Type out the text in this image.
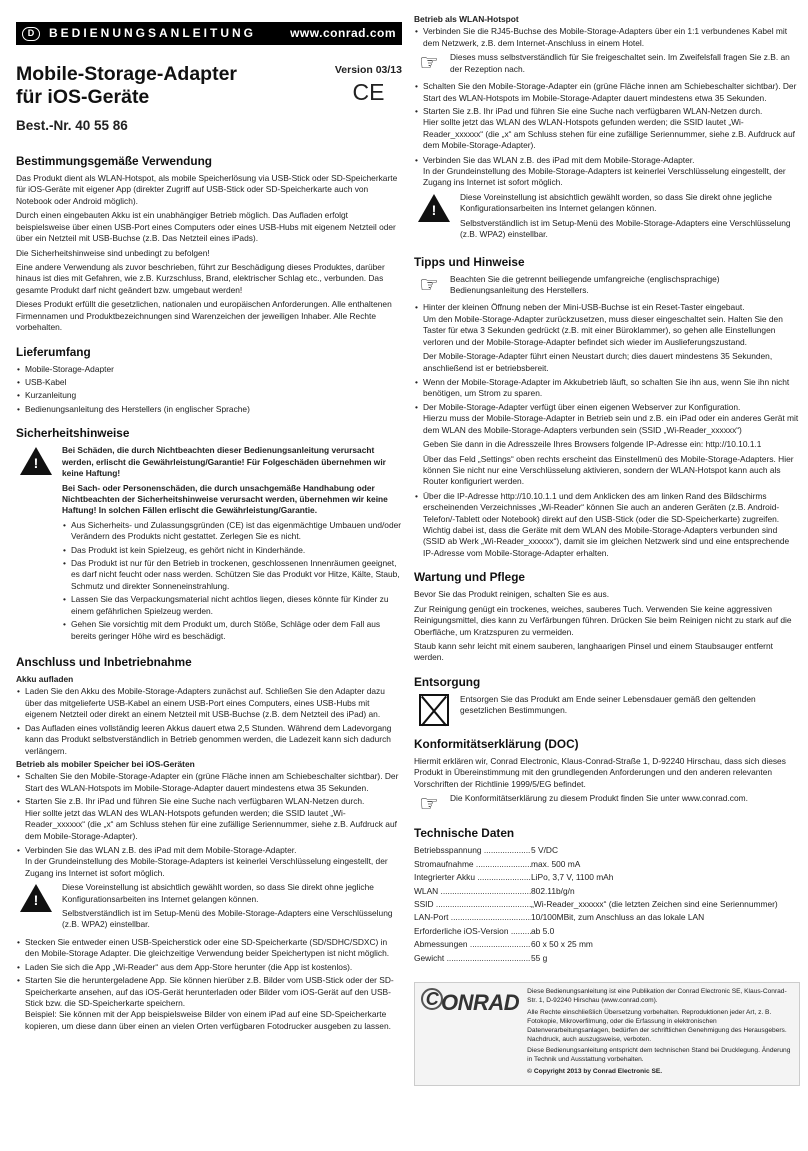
D	BEDIENUNGSANLEITUNG	www.conrad.com
Mobile-Storage-Adapter
für iOS-Geräte
Version 03/13
CE
Best.-Nr. 40 55 86
Bestimmungsgemäße Verwendung

Das Produkt dient als WLAN-Hotspot, als mobile Speicherlösung via USB-Stick oder SD-Speicherkarte für iOS-Geräte mit eigener App (direkter Zugriff auf USB-Stick oder SD-Speicherkarte auch von Notebook oder Android möglich).

Durch einen eingebauten Akku ist ein unabhängiger Betrieb möglich. Das Aufladen erfolgt beispielsweise über einen USB-Port eines Computers oder eines USB-Hubs mit eigenem Netzteil oder über ein Netzteil mit USB-Buchse (z.B. Das Netzteil eines iPads).

Die Sicherheitshinweise sind unbedingt zu befolgen!

Eine andere Verwendung als zuvor beschrieben, führt zur Beschädigung dieses Produktes, darüber hinaus ist dies mit Gefahren, wie z.B. Kurzschluss, Brand, elektrischer Schlag etc., verbunden. Das gesamte Produkt darf nicht geändert bzw. umgebaut werden!

Dieses Produkt erfüllt die gesetzlichen, nationalen und europäischen Anforderungen. Alle enthaltenen Firmennamen und Produktbezeichnungen sind Warenzeichen der jeweiligen Inhaber. Alle Rechte vorbehalten.

Lieferumfang
• Mobile-Storage-Adapter
• USB-Kabel
• Kurzanleitung
• Bedienungsanleitung des Herstellers (in englischer Sprache)
Sicherheitshinweise
!

Bei Schäden, die durch Nichtbeachten dieser Bedienungsanleitung verursacht werden, erlischt die Gewährleistung/Garantie! Für Folgeschäden übernehmen wir keine Haftung!

Bei Sach- oder Personenschäden, die durch unsachgemäße Handhabung oder Nichtbeachten der Sicherheitshinweise verursacht werden, übernehmen wir keine Haftung! In solchen Fällen erlischt die Gewährleistung/Garantie.

• Aus Sicherheits- und Zulassungsgründen (CE) ist das eigenmächtige Umbauen und/oder Verändern des Produkts nicht gestattet. Zerlegen Sie es nicht.
• Das Produkt ist kein Spielzeug, es gehört nicht in Kinderhände.
• Das Produkt ist nur für den Betrieb in trockenen, geschlossenen Innenräumen geeignet, es darf nicht feucht oder nass werden. Schützen Sie das Produkt vor Hitze, Kälte, Staub, Schmutz und direkter Sonneneinstrahlung.
• Lassen Sie das Verpackungsmaterial nicht achtlos liegen, dieses könnte für Kinder zu einem gefährlichen Spielzeug werden.
• Gehen Sie vorsichtig mit dem Produkt um, durch Stöße, Schläge oder dem Fall aus bereits geringer Höhe wird es beschädigt.
Anschluss und Inbetriebnahme
Akku aufladen
• Laden Sie den Akku des Mobile-Storage-Adapters zunächst auf. Schließen Sie den Adapter dazu über das mitgelieferte USB-Kabel an einem USB-Port eines Computers, eines USB-Hubs mit eigenem Netzteil oder direkt an einem Netzteil mit USB-Buchse (z.B. dem Netzteil des iPad) an.
• Das Aufladen eines vollständig leeren Akkus dauert etwa 2,5 Stunden. Während dem Ladevorgang kann das Produkt selbstverständlich in Betrieb genommen werden, die Ladezeit kann sich dadurch verlängern.
Betrieb als mobiler Speicher bei iOS-Geräten
• Schalten Sie den Mobile-Storage-Adapter ein (grüne Fläche innen am Schiebeschalter sichtbar). Der Start des WLAN-Hotspots im Mobile-Storage-Adapter dauert mindestens etwa 35 Sekunden.
• Starten Sie z.B. Ihr iPad und führen Sie eine Suche nach verfügbaren WLAN-Netzen durch.

Hier sollte jetzt das WLAN des WLAN-Hotspots gefunden werden; die SSID lautet „Wi-Reader_xxxxxx“ (die „x“ am Schluss stehen für eine zufällige Seriennummer, siehe z.B. Aufdruck auf dem Mobile-Storage-Adapter).

• Verbinden Sie das WLAN z.B. des iPad mit dem Mobile-Storage-Adapter.

In der Grundeinstellung des Mobile-Storage-Adapters ist keinerlei Verschlüsselung eingestellt, der Zugang ins Internet ist sofort möglich.

!

Diese Voreinstellung ist absichtlich gewählt worden, so dass Sie direkt ohne jegliche Konfigurationsarbeiten ins Internet gelangen können.

Selbstverständlich ist im Setup-Menü des Mobile-Storage-Adapters eine Verschlüsselung (z.B. WPA2) einstellbar.

• Stecken Sie entweder einen USB-Speicherstick oder eine SD-Speicherkarte (SD/SDHC/SDXC) in den Mobile-Storage Adapter. Die gleichzeitige Verwendung beider Speichertypen ist nicht möglich.
• Laden Sie sich die App „Wi-Reader“ aus dem App-Store herunter (die App ist kostenlos).
• Starten Sie die heruntergeladene App. Sie können hierüber z.B. Bilder vom USB-Stick oder der SD-Speicherkarte ansehen, auf das iOS-Gerät herunterladen oder Bilder vom iOS-Gerät auf den USB-Stick bzw. die SD-Speicherkarte speichern.

Beispiel: Sie können mit der App beispielsweise Bilder von einem iPad auf eine SD-Speicherkarte kopieren, um diese dann über einen an vielen Orten verfügbaren Fotodrucker ausgeben zu lassen.

Betrieb als WLAN-Hotspot
• Verbinden Sie die RJ45-Buchse des Mobile-Storage-Adapters über ein 1:1 verbundenes Kabel mit dem Netzwerk, z.B. dem Internet-Anschluss in einem Hotel.
☞	Dieses muss selbstverständlich für Sie freigeschaltet sein. Im Zweifelsfall fragen Sie z.B. an der Rezeption nach.

• Schalten Sie den Mobile-Storage-Adapter ein (grüne Fläche innen am Schiebeschalter sichtbar). Der Start des WLAN-Hotspots im Mobile-Storage-Adapter dauert mindestens etwa 35 Sekunden.
• Starten Sie z.B. Ihr iPad und führen Sie eine Suche nach verfügbaren WLAN-Netzen durch.

Hier sollte jetzt das WLAN des WLAN-Hotspots gefunden werden; die SSID lautet „Wi-Reader_xxxxxx“ (die „x“ am Schluss stehen für eine zufällige Seriennummer, siehe z.B. Aufdruck auf dem Mobile-Storage-Adapter).

• Verbinden Sie das WLAN z.B. des iPad mit dem Mobile-Storage-Adapter.

In der Grundeinstellung des Mobile-Storage-Adapters ist keinerlei Verschlüsselung eingestellt, der Zugang ins Internet ist sofort möglich.

!

Diese Voreinstellung ist absichtlich gewählt worden, so dass Sie direkt ohne jegliche Konfigurationsarbeiten ins Internet gelangen können.

Selbstverständlich ist im Setup-Menü des Mobile-Storage-Adapters eine Verschlüsselung (z.B. WPA2) einstellbar.

Tipps und Hinweise
☞	Beachten Sie die getrennt beiliegende umfangreiche (englischsprachige) Bedienungsanleitung des Herstellers.

• Hinter der kleinen Öffnung neben der Mini-USB-Buchse ist ein Reset-Taster eingebaut.

Um den Mobile-Storage-Adapter zurückzusetzen, muss dieser eingeschaltet sein. Halten Sie den Taster für etwa 3 Sekunden gedrückt (z.B. mit einer Büroklammer), so gehen alle Einstellungen verloren und der Mobile-Storage-Adapter befindet sich wieder im Auslieferungszustand.

Der Mobile-Storage-Adapter führt einen Neustart durch; dies dauert mindestens 35 Sekunden, anschließend ist er betriebsbereit.

• Wenn der Mobile-Storage-Adapter im Akkubetrieb läuft, so schalten Sie ihn aus, wenn Sie ihn nicht benötigen, um Strom zu sparen.
• Der Mobile-Storage-Adapter verfügt über einen eigenen Webserver zur Konfiguration.

Hierzu muss der Mobile-Storage-Adapter in Betrieb sein und z.B. ein iPad oder ein anderes Gerät mit dem WLAN des Mobile-Storage-Adapters verbunden sein (SSID „Wi-Reader_xxxxxx“)

Geben Sie dann in die Adresszeile Ihres Browsers folgende IP-Adresse ein: http://10.10.1.1

Über das Feld „Settings“ oben rechts erscheint das Einstellmenü des Mobile-Storage-Adapters. Hier können Sie nicht nur eine Verschlüsselung aktivieren, sondern der WLAN-Hotspot kann auch als Router konfiguriert werden.

• Über die IP-Adresse http://10.10.1.1 und dem Anklicken des am linken Rand des Bildschirms erscheinenden Verzeichnisses „Wi-Reader“ können Sie auch an anderen Geräten (z.B. Android-Telefon/-Tablett oder Notebook) direkt auf den USB-Stick (oder die SD-Speicherkarte) zugreifen. Wichtig dabei ist, dass die Geräte mit dem WLAN des Mobile-Storage-Adapters verbunden sind (SSID ab Werk „Wi-Reader_xxxxxx“), damit sie im gleichen Netzwerk sind und eine entsprechende IP-Adresse vom Mobile-Storage-Adapter erhalten.
Wartung und Pflege

Bevor Sie das Produkt reinigen, schalten Sie es aus.

Zur Reinigung genügt ein trockenes, weiches, sauberes Tuch. Verwenden Sie keine aggressiven Reinigungsmittel, dies kann zu Verfärbungen führen. Drücken Sie beim Reinigen nicht zu stark auf die Oberfläche, um Kratzspuren zu vermeiden.

Staub kann sehr leicht mit einem sauberen, langhaarigen Pinsel und einem Staubsauger entfernt werden.

Entsorgung

Entsorgen Sie das Produkt am Ende seiner Lebensdauer gemäß den geltenden gesetzlichen Bestimmungen.

Konformitätserklärung (DOC)

Hiermit erklären wir, Conrad Electronic, Klaus-Conrad-Straße 1, D-92240 Hirschau, dass sich dieses Produkt in Übereinstimmung mit den grundlegenden Anforderungen und den anderen relevanten Vorschriften der Richtlinie 1999/5/EG befindet.

☞	Die Konformitätserklärung zu diesem Produkt finden Sie unter www.conrad.com.

Technische Daten
Betriebsspannung .....	5 V/DC
Stromaufnahme .....	max. 500 mA
Integrierter Akku .....	LiPo, 3,7 V, 1100 mAh
WLAN .....	802.11b/g/n
SSID .....	„Wi-Reader_xxxxxx“ (die letzten Zeichen sind eine Seriennummer)
LAN-Port .....	10/100MBit, zum Anschluss an das lokale LAN
Erforderliche iOS-Version .....	ab 5.0
Abmessungen .....	60 x 50 x 25 mm
Gewicht .....	55 g
C ONRAD Diese Bedienungsanleitung ist eine Publikation der Conrad Electronic SE, Klaus-Conrad-Str. 1, D-92240 Hirschau (www.conrad.com).

Alle Rechte einschließlich Übersetzung vorbehalten. Reproduktionen jeder Art, z. B. Fotokopie, Mikroverfilmung, oder die Erfassung in elektronischen Datenverarbeitungsanlagen, bedürfen der schriftlichen Genehmigung des Herausgebers. Nachdruck, auch auszugsweise, verboten.

Diese Bedienungsanleitung entspricht dem technischen Stand bei Drucklegung. Änderung in Technik und Ausstattung vorbehalten.

© Copyright 2013 by Conrad Electronic SE.
